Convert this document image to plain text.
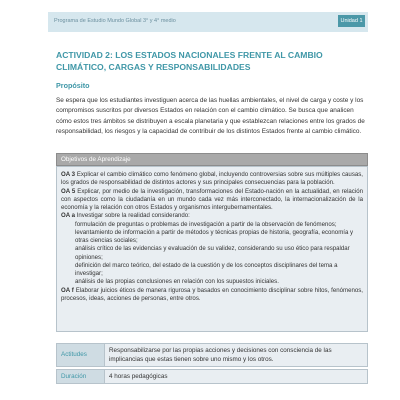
Programa de Estudio Mundo Global 3° y 4° medio	Unidad 1
ACTIVIDAD 2: LOS ESTADOS NACIONALES FRENTE AL CAMBIO CLIMÁTICO, CARGAS Y RESPONSABILIDADES
Propósito
Se espera que los estudiantes investiguen acerca de las huellas ambientales, el nivel de carga y coste y los compromisos suscritos por diversos Estados en relación con el cambio climático. Se busca que analicen cómo estos tres ámbitos se distribuyen a escala planetaria y que establezcan relaciones entre los grados de responsabilidad, los riesgos y la capacidad de contribuir de los distintos Estados frente al cambio climático.
Objetivos de Aprendizaje

OA 3 Explicar el cambio climático como fenómeno global, incluyendo controversias sobre sus múltiples causas, los grados de responsabilidad de distintos actores y sus principales consecuencias para la población.

OA 5 Explicar, por medio de la investigación, transformaciones del Estado-nación en la actualidad, en relación con aspectos como la ciudadanía en un mundo cada vez más interconectado, la internacionalización de la economía y la relación con otros Estados y organismos intergubernamentales.

OA a Investigar sobre la realidad considerando:

formulación de preguntas o problemas de investigación a partir de la observación de fenómenos;

levantamiento de información a partir de métodos y técnicas propias de historia, geografía, economía y otras ciencias sociales;

análisis crítico de las evidencias y evaluación de su validez, considerando su uso ético para respaldar opiniones;

definición del marco teórico, del estado de la cuestión y de los conceptos disciplinares del tema a investigar;

análisis de las propias conclusiones en relación con los supuestos iniciales.

OA f Elaborar juicios éticos de manera rigurosa y basados en conocimiento disciplinar sobre hitos, fenómenos, procesos, ideas, acciones de personas, entre otros.

Actitudes
Responsabilizarse por las propias acciones y decisiones con consciencia de las implicancias que estas tienen sobre uno mismo y los otros.
Duración	4 horas pedagógicas
